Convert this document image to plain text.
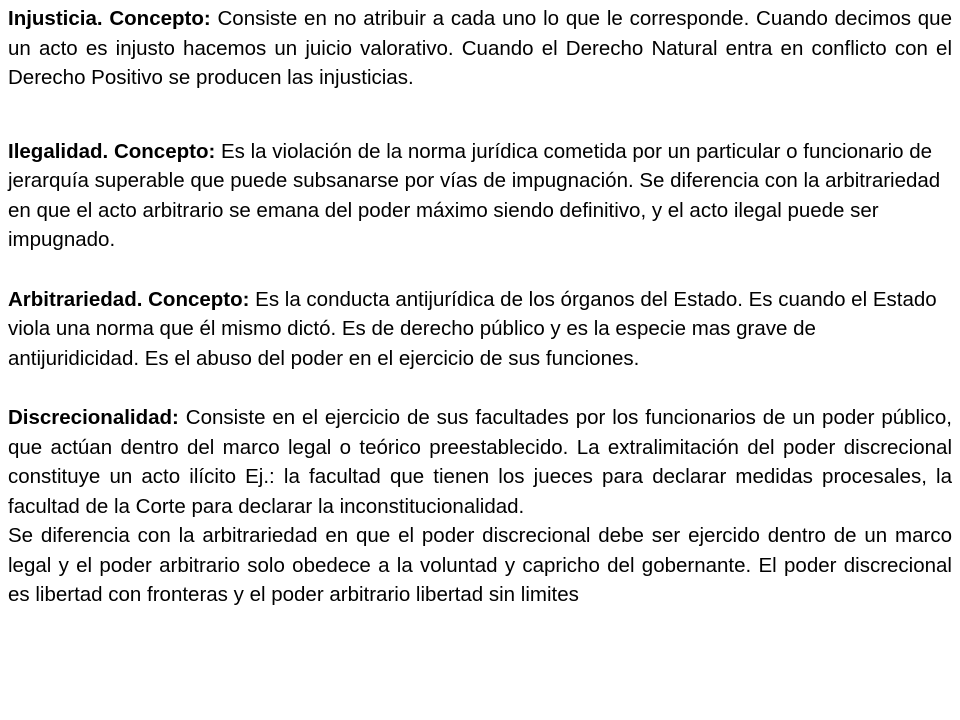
Injusticia. Concepto: Consiste en no atribuir a cada uno lo que le corresponde. Cuando decimos que un acto es injusto hacemos un juicio valorativo. Cuando el Derecho Natural entra en conflicto con el Derecho Positivo se producen las injusticias.

Ilegalidad. Concepto: Es la violación de la norma jurídica cometida por un particular o funcionario de jerarquía superable que puede subsanarse por vías de impugnación. Se diferencia con la arbitrariedad en que el acto arbitrario se emana del poder máximo siendo definitivo, y el acto ilegal puede ser impugnado.

Arbitrariedad. Concepto: Es la conducta antijurídica de los órganos del Estado. Es cuando el Estado viola una norma que él mismo dictó. Es de derecho público y es la especie mas grave de antijuridicidad. Es el abuso del poder en el ejercicio de sus funciones.

Discrecionalidad: Consiste en el ejercicio de sus facultades por los funcionarios de un poder público, que actúan dentro del marco legal o teórico preestablecido. La extralimitación del poder discrecional constituye un acto ilícito Ej.: la facultad que tienen los jueces para declarar medidas procesales, la facultad de la Corte para declarar la inconstitucionalidad.

Se diferencia con la arbitrariedad en que el poder discrecional debe ser ejercido dentro de un marco legal y el poder arbitrario solo obedece a la voluntad y capricho del gobernante. El poder discrecional es libertad con fronteras y el poder arbitrario libertad sin limites
